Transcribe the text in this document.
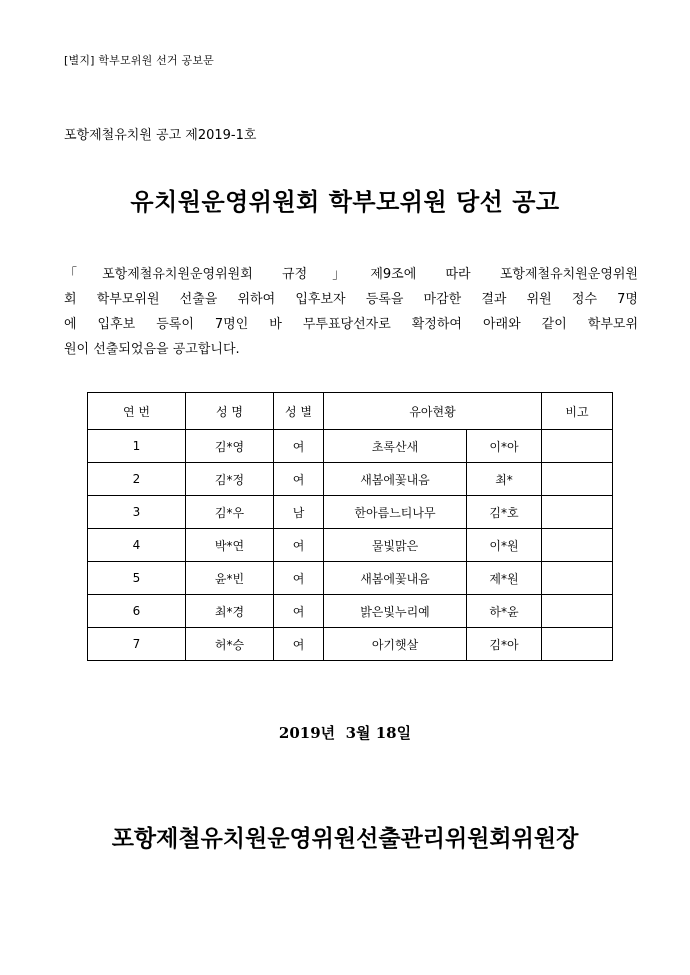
[별지] 학부모위원 선거 공보문
포항제철유치원 공고 제2019-1호
유치원운영위원회 학부모위원 당선 공고
「포항제철유치원운영위원회 규정」제9조에 따라 포항제철유치원운영위원
회 학부모위원 선출을 위하여 입후보자 등록을 마감한 결과 위원 정수 7명
에 입후보 등록이 7명인 바 무투표당선자로 확정하여 아래와 같이 학부모위
원이 선출되었음을 공고합니다.
연 번	성 명	성 별	유아현황		비고
1	김*영	여	초록산새	이*아	
2	김*정	여	새봄에꽃내음	최*	
3	김*우	남	한아름느티나무	김*호	
4	박*연	여	물빛맑은	이*원	
5	윤*빈	여	새봄에꽃내음	제*원	
6	최*경	여	밝은빛누리예	하*윤	
7	허*승	여	아기햇살	김*아	
2019년  3월 18일
포항제철유치원운영위원선출관리위원회위원장
